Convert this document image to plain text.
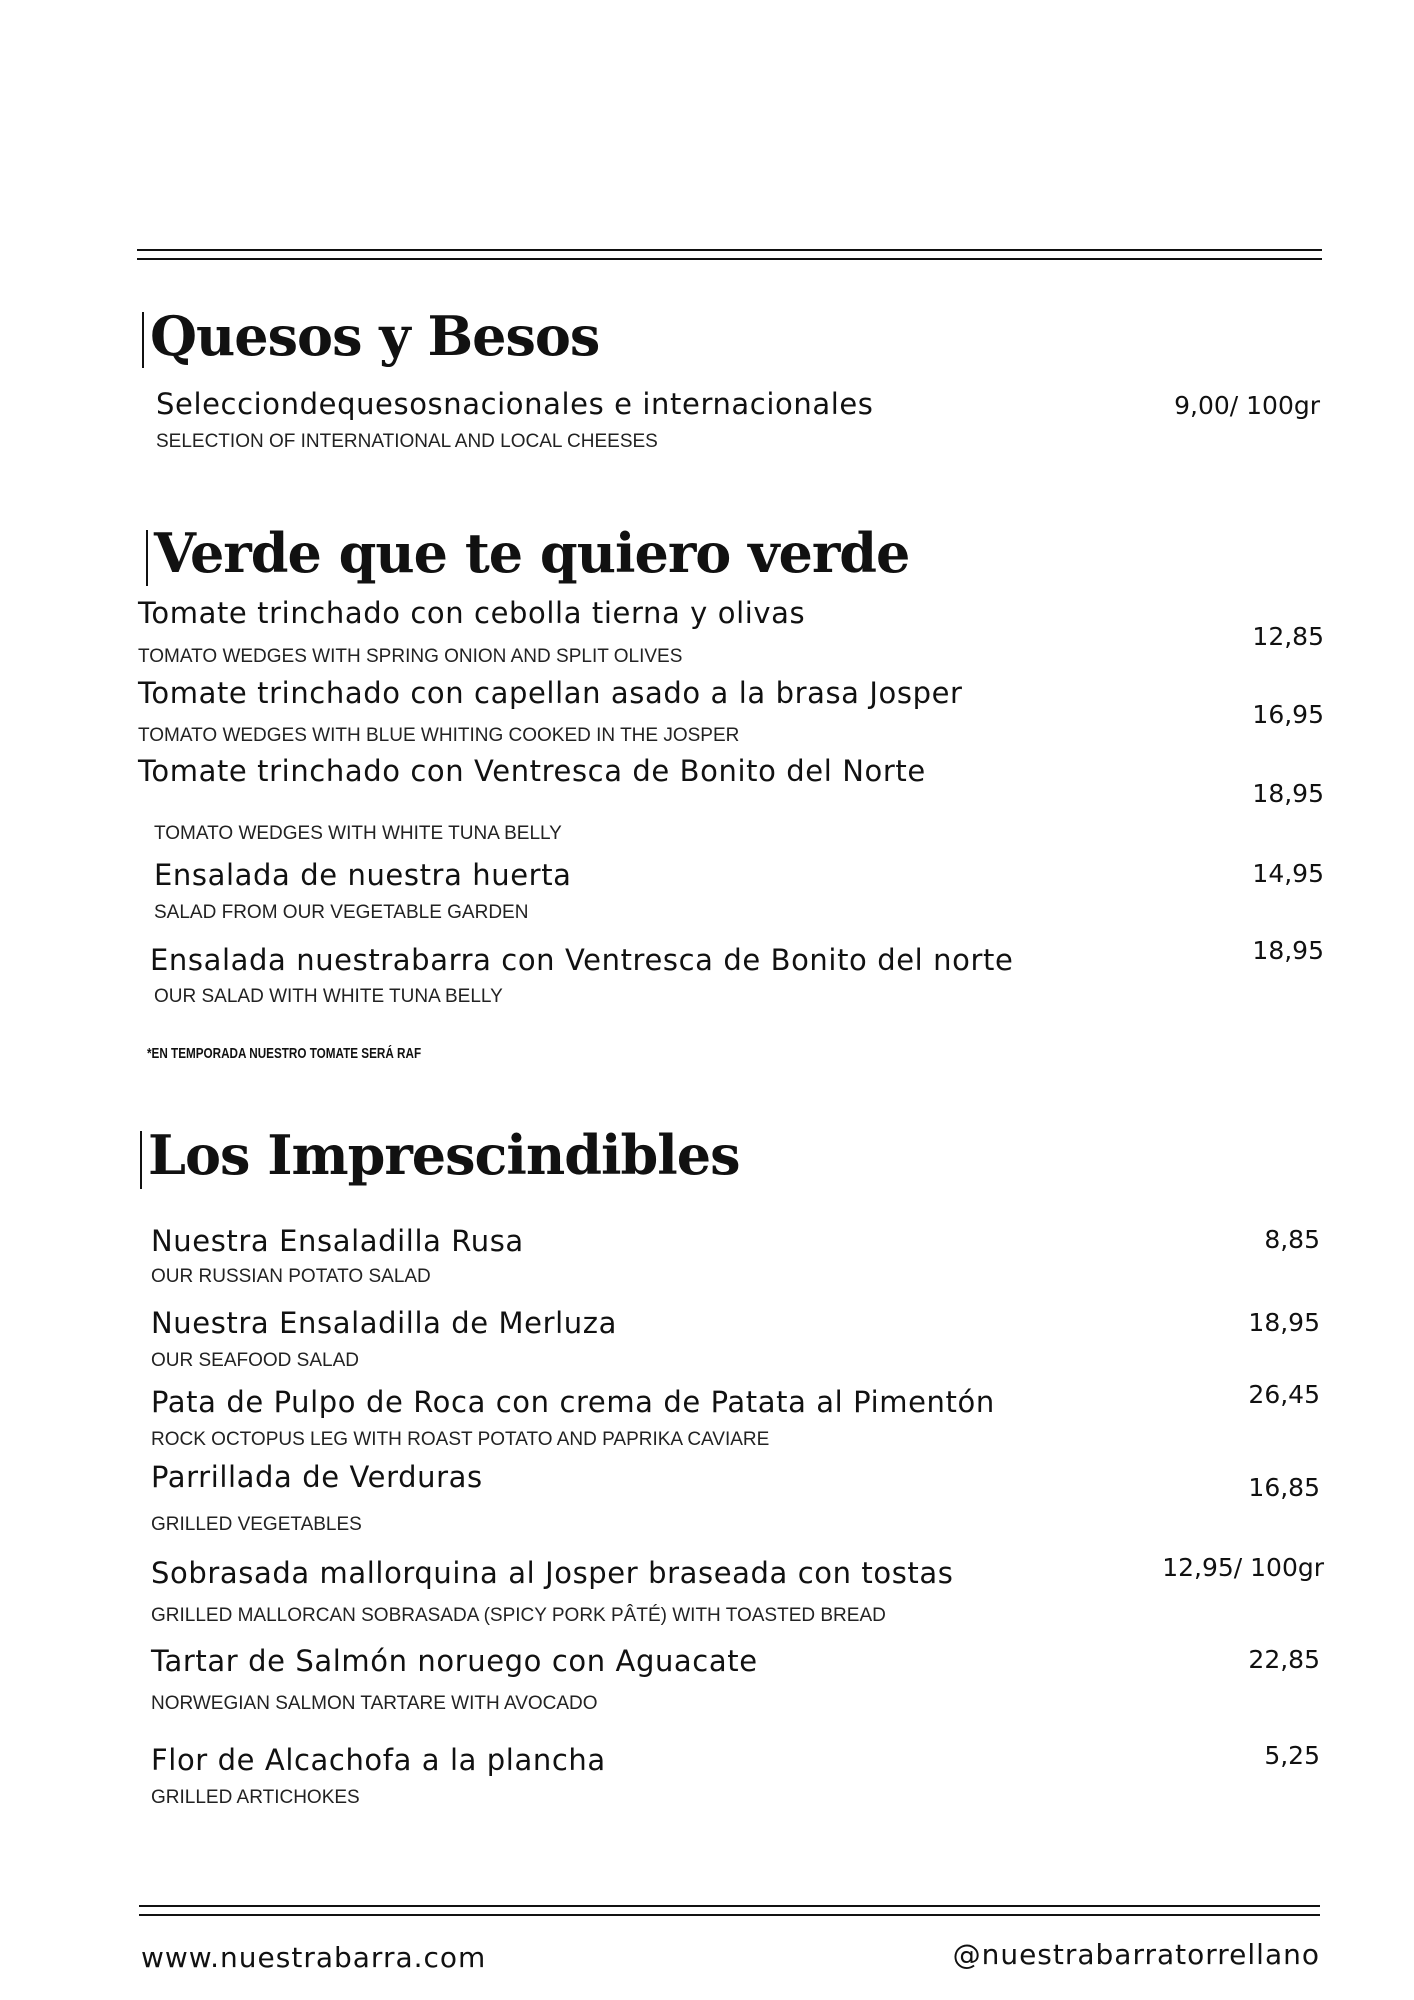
Quesos y Besos

Selecciondequesosnacionales e internacionales

SELECTION OF INTERNATIONAL AND LOCAL CHEESES

9,00/ 100gr

Verde que te quiero verde

Tomate trinchado con cebolla tierna y olivas

TOMATO WEDGES WITH SPRING ONION AND SPLIT OLIVES

12,85

Tomate trinchado con capellan asado a la brasa Josper

TOMATO WEDGES WITH BLUE WHITING COOKED IN THE JOSPER

16,95

Tomate trinchado con Ventresca de Bonito del Norte

TOMATO WEDGES WITH WHITE TUNA BELLY

18,95

Ensalada de nuestra huerta

SALAD FROM OUR VEGETABLE GARDEN

14,95

Ensalada nuestrabarra con Ventresca de Bonito del norte

OUR SALAD WITH WHITE TUNA BELLY

18,95

*EN TEMPORADA NUESTRO TOMATE SERÁ RAF

Los Imprescindibles

Nuestra Ensaladilla Rusa

OUR RUSSIAN POTATO SALAD

8,85

Nuestra Ensaladilla de Merluza

OUR SEAFOOD SALAD

18,95

Pata de Pulpo de Roca con crema de Patata al Pimentón

ROCK OCTOPUS LEG WITH ROAST POTATO AND PAPRIKA CAVIARE

26,45

Parrillada de Verduras

GRILLED VEGETABLES

16,85

Sobrasada mallorquina al Josper braseada con tostas

GRILLED MALLORCAN SOBRASADA (SPICY PORK PÂTÉ) WITH TOASTED BREAD

12,95/ 100gr

Tartar de Salmón noruego con Aguacate

NORWEGIAN SALMON TARTARE WITH AVOCADO

22,85

Flor de Alcachofa a la plancha

GRILLED ARTICHOKES

5,25

www.nuestrabarra.com	@nuestrabarratorrellano
